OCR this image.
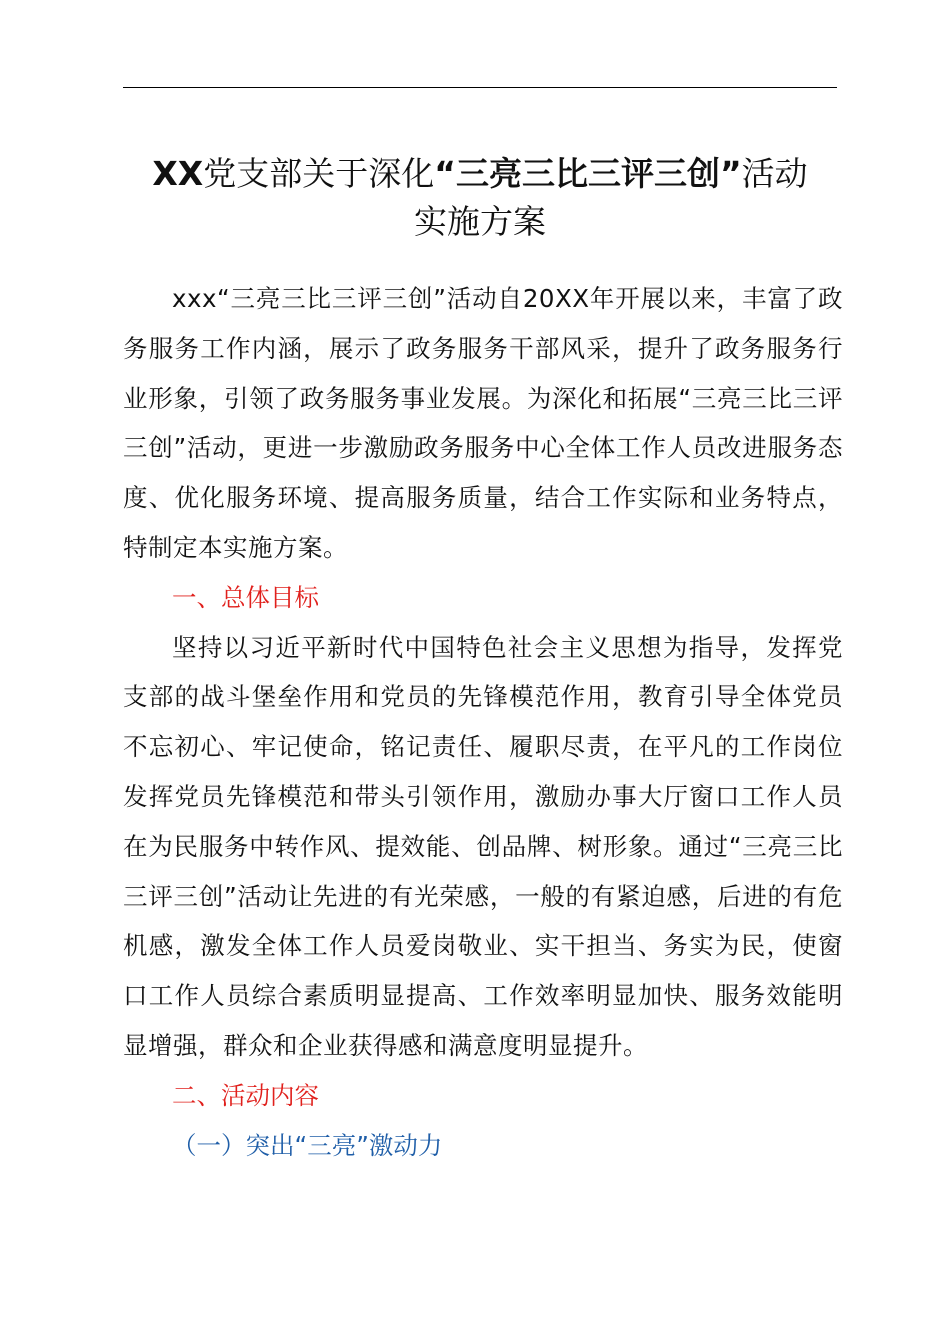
XX党支部关于深化“三亮三比三评三创”活动
实施方案

xxx“三亮三比三评三创”活动自20XX年开展以来，丰富了政务服务工作内涵，展示了政务服务干部风采，提升了政务服务行业形象，引领了政务服务事业发展。为深化和拓展“三亮三比三评三创”活动，更进一步激励政务服务中心全体工作人员改进服务态度、优化服务环境、提高服务质量，结合工作实际和业务特点，特制定本实施方案。

一、总体目标

坚持以习近平新时代中国特色社会主义思想为指导，发挥党支部的战斗堡垒作用和党员的先锋模范作用，教育引导全体党员不忘初心、牢记使命，铭记责任、履职尽责，在平凡的工作岗位发挥党员先锋模范和带头引领作用，激励办事大厅窗口工作人员在为民服务中转作风、提效能、创品牌、树形象。通过“三亮三比三评三创”活动让先进的有光荣感，一般的有紧迫感，后进的有危机感，激发全体工作人员爱岗敬业、实干担当、务实为民，使窗口工作人员综合素质明显提高、工作效率明显加快、服务效能明显增强，群众和企业获得感和满意度明显提升。

二、活动内容

（一）突出“三亮”激动力
